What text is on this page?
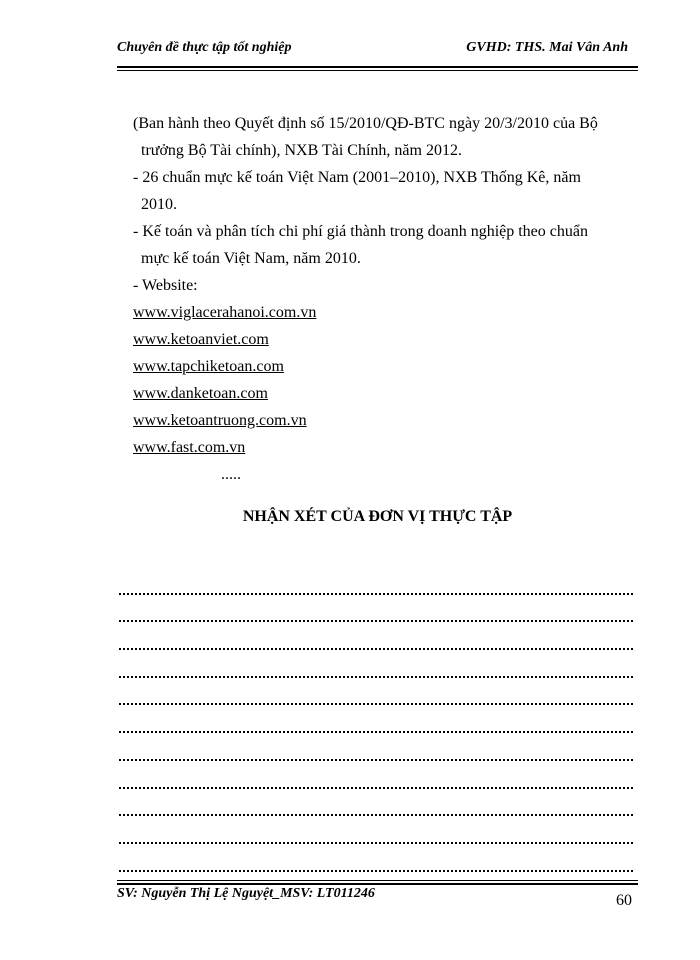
Chuyên đề thực tập tốt nghiệp	GVHD: THS. Mai Vân Anh

(Ban hành theo Quyết định số 15/2010/QĐ-BTC ngày 20/3/2010 của Bộ

trưởng Bộ Tài chính), NXB Tài Chính, năm 2012.

- 26 chuẩn mực kế toán Việt Nam (2001–2010), NXB Thống Kê, năm

2010.

- Kế toán và phân tích chi phí giá thành trong doanh nghiệp theo chuẩn

mực kế toán Việt Nam, năm 2010.

- Website:

www.viglacerahanoi.com.vn
www.ketoanviet.com
www.tapchiketoan.com
www.danketoan.com
www.ketoantruong.com.vn
www.fast.com.vn
.....
NHẬN XÉT CỦA ĐƠN VỊ THỰC TẬP
SV: Nguyễn Thị Lệ Nguyệt_MSV: LT011246	60
